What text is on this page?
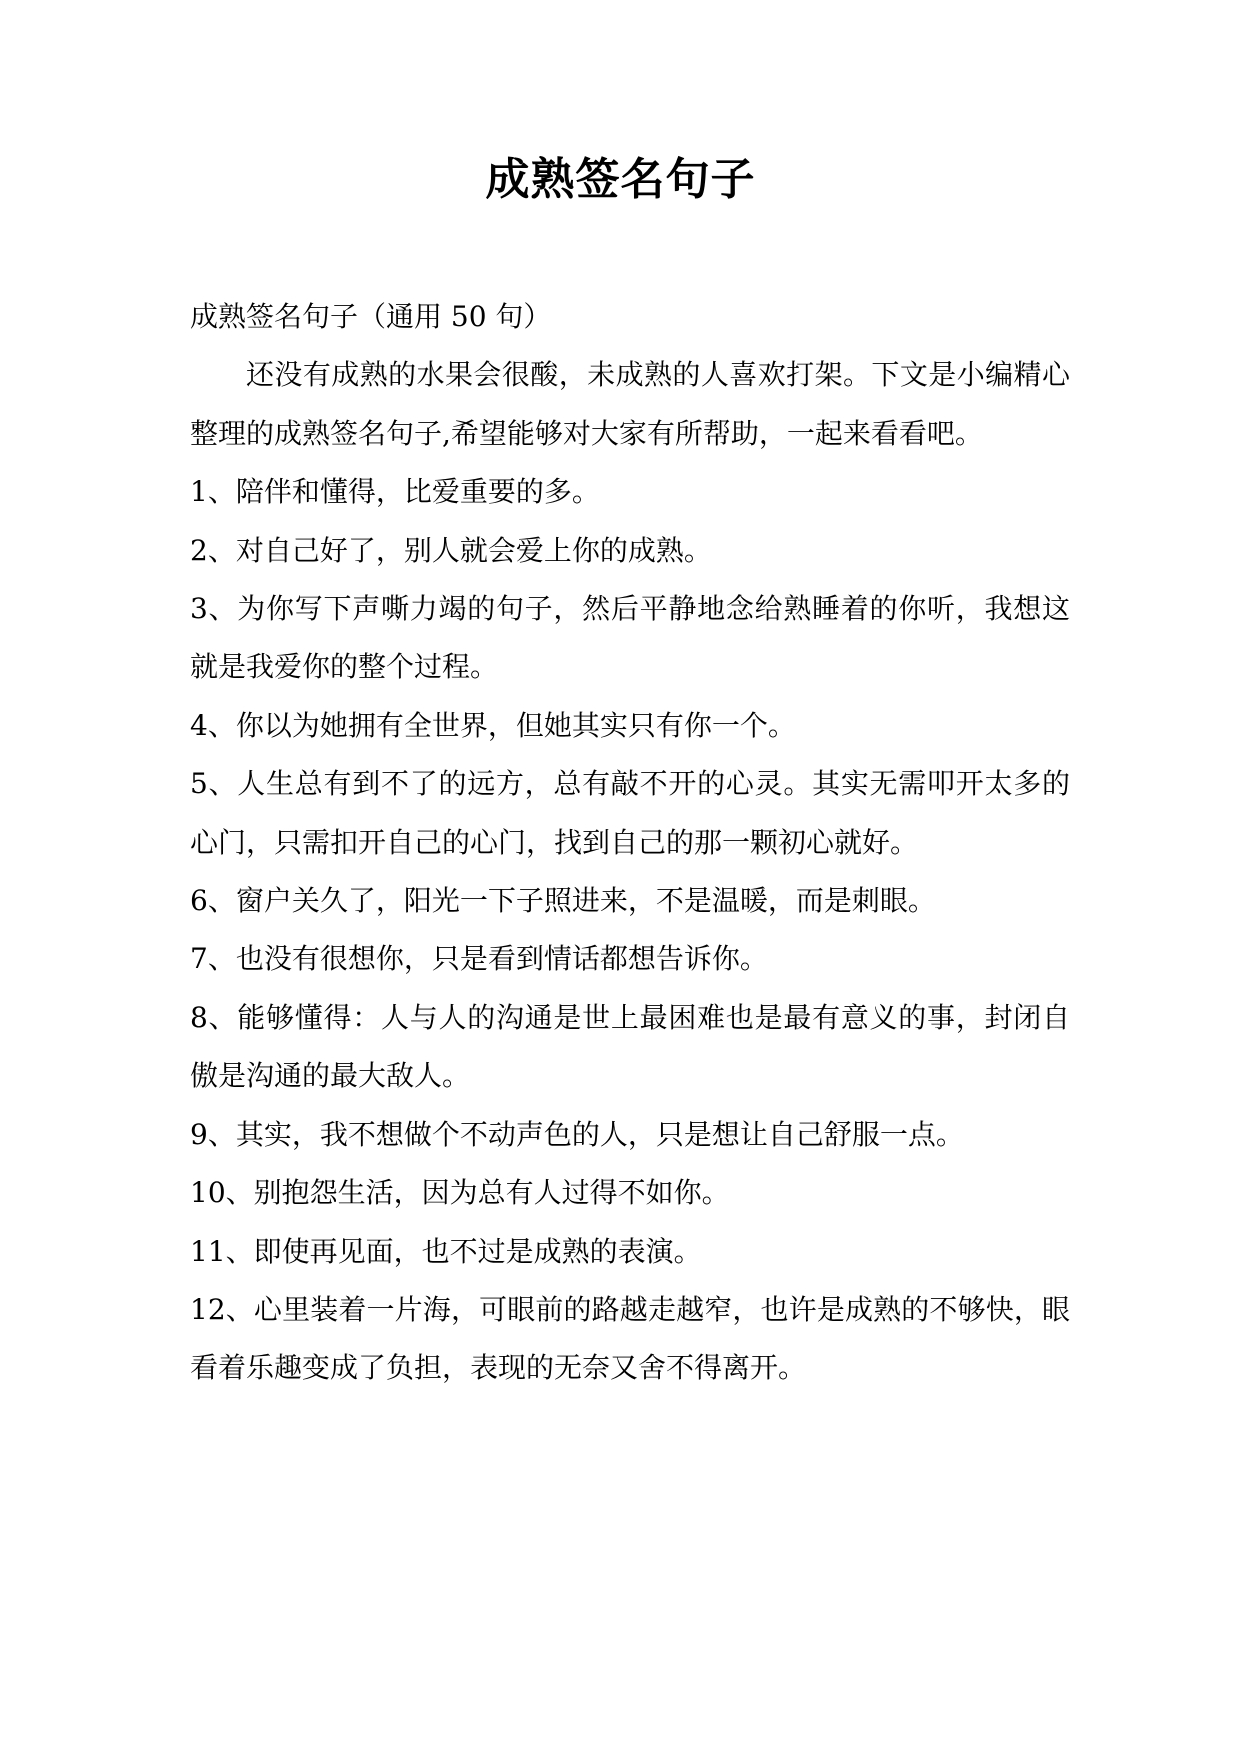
成熟签名句子

成熟签名句子（通用 50 句）

还没有成熟的水果会很酸，未成熟的人喜欢打架。下文是小编精心整理的成熟签名句子,希望能够对大家有所帮助，一起来看看吧。

1、陪伴和懂得，比爱重要的多。

2、对自己好了，别人就会爱上你的成熟。

3、为你写下声嘶力竭的句子，然后平静地念给熟睡着的你听，我想这就是我爱你的整个过程。

4、你以为她拥有全世界，但她其实只有你一个。

5、人生总有到不了的远方，总有敲不开的心灵。其实无需叩开太多的心门，只需扣开自己的心门，找到自己的那一颗初心就好。

6、窗户关久了，阳光一下子照进来，不是温暖，而是刺眼。

7、也没有很想你，只是看到情话都想告诉你。

8、能够懂得：人与人的沟通是世上最困难也是最有意义的事，封闭自傲是沟通的最大敌人。

9、其实，我不想做个不动声色的人，只是想让自己舒服一点。

10、别抱怨生活，因为总有人过得不如你。

11、即使再见面，也不过是成熟的表演。

12、心里装着一片海，可眼前的路越走越窄，也许是成熟的不够快，眼看着乐趣变成了负担，表现的无奈又舍不得离开。
